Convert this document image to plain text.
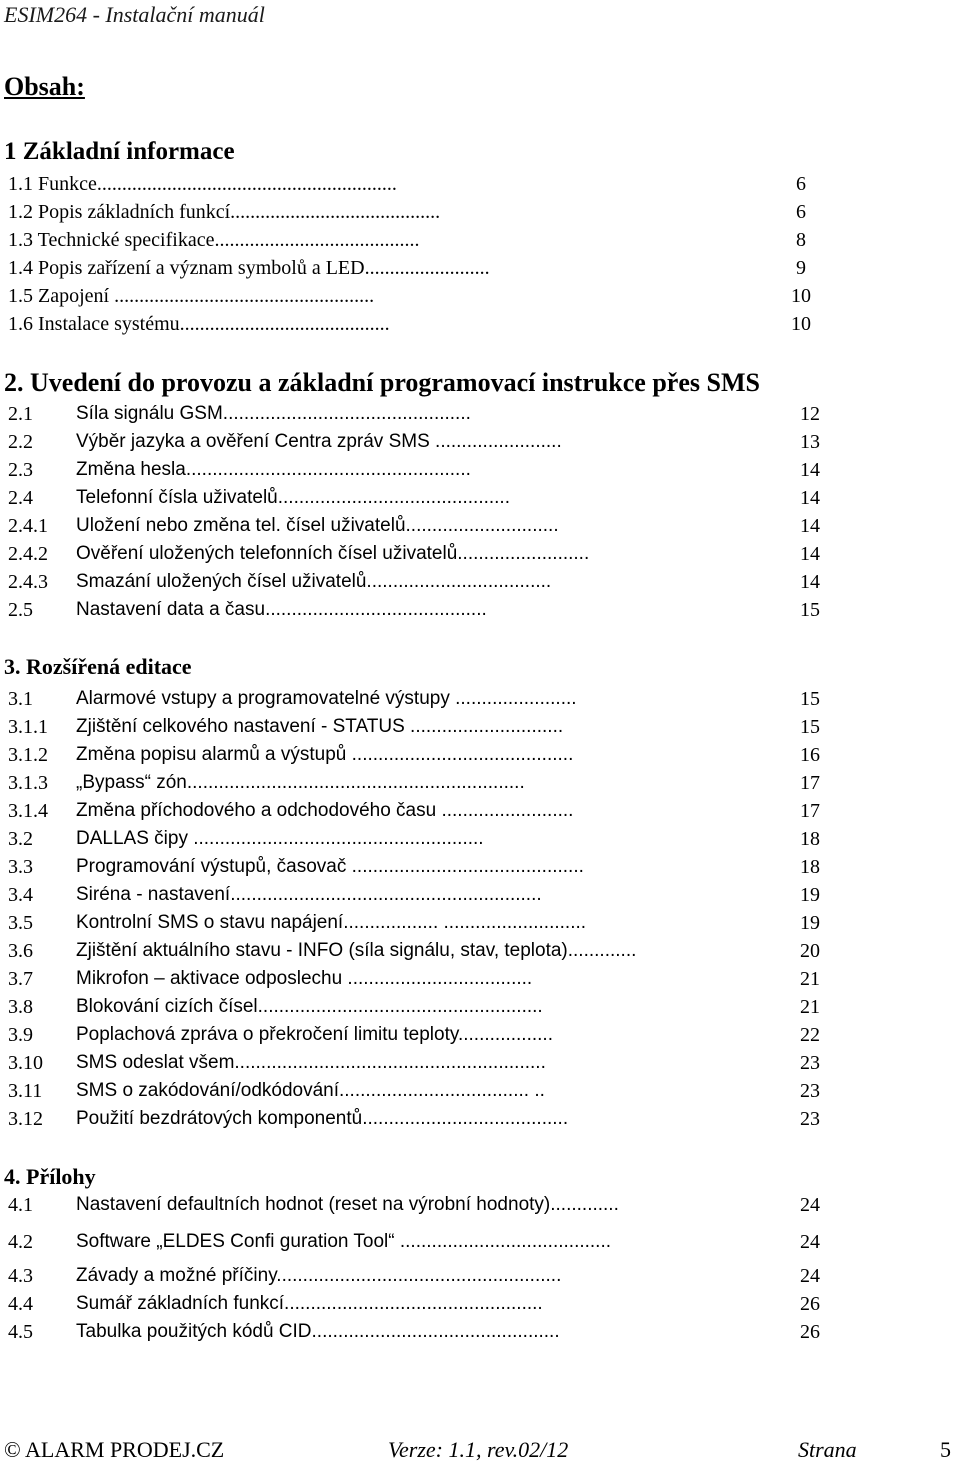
ESIM264 - Instalační manuál
Obsah:
1 Základní informace
1.1 Funkce............................................................	6
1.2 Popis základních funkcí..........................................	6
1.3 Technické specifikace.........................................	8
1.4 Popis zařízení a význam symbolů a LED.........................	9
1.5 Zapojení ....................................................	10
1.6 Instalace systému..........................................	10
2. Uvedení do provozu a základní programovací instrukce přes SMS
2.1 Síla signálu GSM...............................................	12
2.2 Výběr jazyka a ověření Centra zpráv SMS ........................	13
2.3 Změna hesla......................................................	14
2.4 Telefonní čísla uživatelů............................................	14
2.4.1 Uložení nebo změna tel. čísel uživatelů.............................	14
2.4.2 Ověření uložených telefonních čísel uživatelů.........................	14
2.4.3 Smazání uložených čísel uživatelů...................................	14
2.5 Nastavení data a času..........................................	15
3. Rozšířená editace
3.1 Alarmové vstupy a programovatelné výstupy .......................	15
3.1.1 Zjištění celkového nastavení - STATUS .............................	15
3.1.2 Změna popisu alarmů a výstupů ..........................................	16
3.1.3 „Bypass“ zón................................................................	17
3.1.4 Změna příchodového a odchodového času .........................	17
3.2 DALLAS čipy .......................................................	18
3.3 Programování výstupů, časovač ............................................	18
3.4 Siréna - nastavení...........................................................	19
3.5 Kontrolní SMS o stavu napájení.................. ...........................	19
3.6 Zjištění aktuálního stavu - INFO (síla signálu, stav, teplota).............	20
3.7 Mikrofon – aktivace odposlechu ...................................	21
3.8 Blokování cizích čísel......................................................	21
3.9 Poplachová zpráva o překročení limitu teploty..................	22
3.10 SMS odeslat všem...........................................................	23
3.11 SMS o zakódování/odkódování.................................... ..	23
3.12 Použití bezdrátových komponentů.......................................	23
4. Přílohy
4.1 Nastavení defaultních hodnot (reset na výrobní hodnoty).............	24
4.2 Software „ELDES Confi guration Tool“ ........................................	24
4.3 Závady a možné příčiny......................................................	24
4.4 Sumář základních funkcí.................................................	26
4.5 Tabulka použitých kódů CID...............................................	26
© ALARM PRODEJ.CZ	Verze: 1.1, rev.02/12	Strana	5
